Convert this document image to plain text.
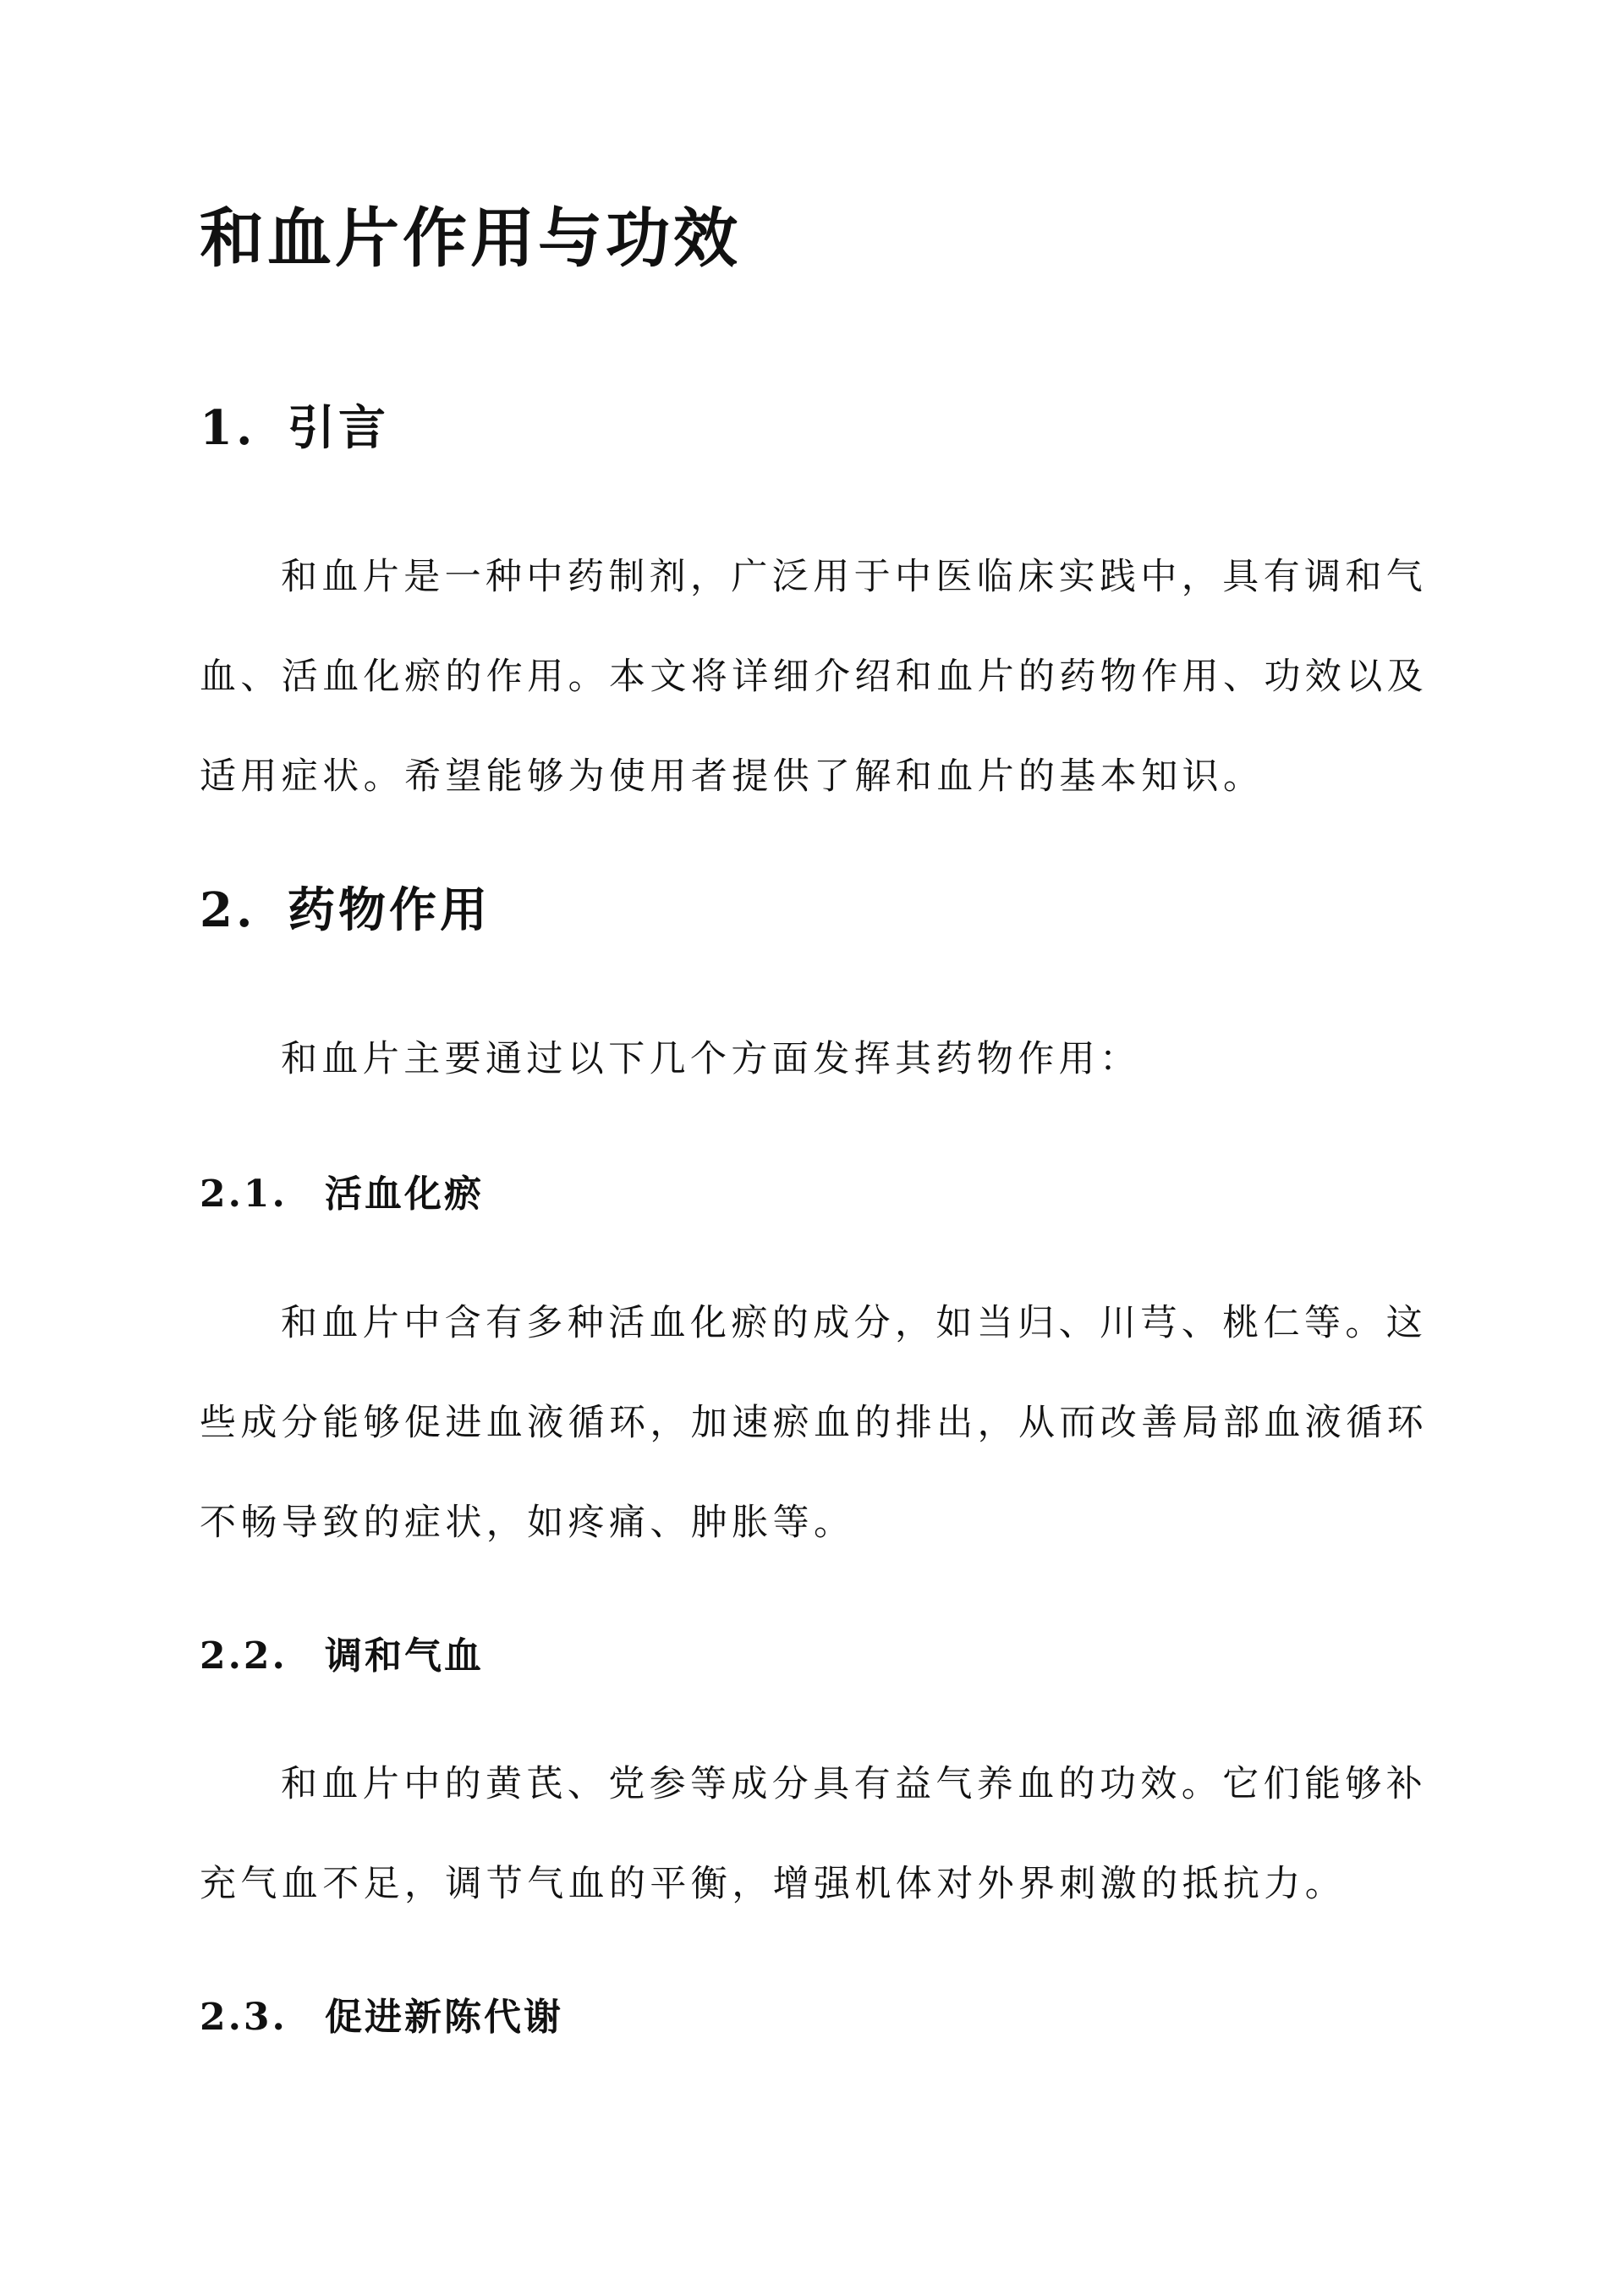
和血片作用与功效
1. 引言

和血片是一种中药制剂，广泛用于中医临床实践中，具有调和气血、活血化瘀的作用。本文将详细介绍和血片的药物作用、功效以及适用症状。希望能够为使用者提供了解和血片的基本知识。

2. 药物作用

和血片主要通过以下几个方面发挥其药物作用：

2.1. 活血化瘀

和血片中含有多种活血化瘀的成分，如当归、川芎、桃仁等。这些成分能够促进血液循环，加速瘀血的排出，从而改善局部血液循环不畅导致的症状，如疼痛、肿胀等。

2.2. 调和气血

和血片中的黄芪、党参等成分具有益气养血的功效。它们能够补充气血不足，调节气血的平衡，增强机体对外界刺激的抵抗力。

2.3. 促进新陈代谢
